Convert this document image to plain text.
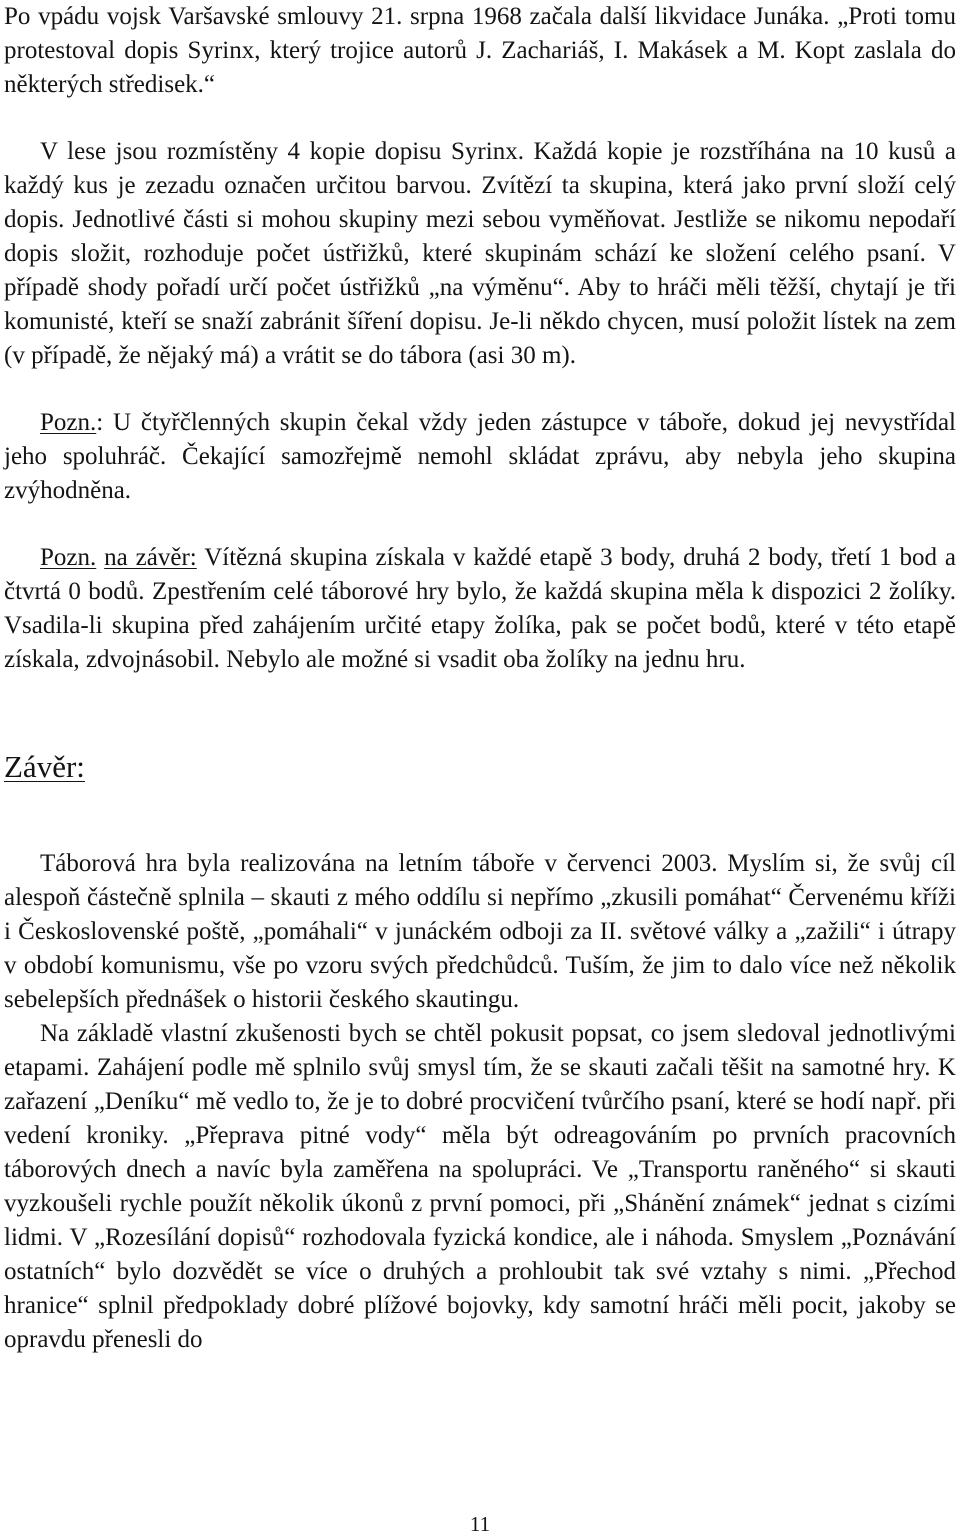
Po vpádu vojsk Varšavské smlouvy 21. srpna 1968 začala další likvidace Junáka. „Proti tomu protestoval dopis Syrinx, který trojice autorů J. Zachariáš, I. Makásek a M. Kopt zaslala do některých středisek.“

V lese jsou rozmístěny 4 kopie dopisu Syrinx. Každá kopie je rozstříhána na 10 kusů a každý kus je zezadu označen určitou barvou. Zvítězí ta skupina, která jako první složí celý dopis. Jednotlivé části si mohou skupiny mezi sebou vyměňovat. Jestliže se nikomu nepodaří dopis složit, rozhoduje počet ústřižků, které skupinám schází ke složení celého psaní. V případě shody pořadí určí počet ústřižků „na výměnu“. Aby to hráči měli těžší, chytají je tři komunisté, kteří se snaží zabránit šíření dopisu. Je-li někdo chycen, musí položit lístek na zem (v případě, že nějaký má) a vrátit se do tábora (asi 30 m).

Pozn.: U čtyřčlenných skupin čekal vždy jeden zástupce v táboře, dokud jej nevystřídal jeho spoluhráč. Čekající samozřejmě nemohl skládat zprávu, aby nebyla jeho skupina zvýhodněna.

Pozn. na závěr: Vítězná skupina získala v každé etapě 3 body, druhá 2 body, třetí 1 bod a čtvrtá 0 bodů. Zpestřením celé táborové hry bylo, že každá skupina měla k dispozici 2 žolíky. Vsadila-li skupina před zahájením určité etapy žolíka, pak se počet bodů, které v této etapě získala, zdvojnásobil. Nebylo ale možné si vsadit oba žolíky na jednu hru.

Závěr:

Táborová hra byla realizována na letním táboře v červenci 2003. Myslím si, že svůj cíl alespoň částečně splnila – skauti z mého oddílu si nepřímo „zkusili pomáhat“ Červenému kříži i Československé poště, „pomáhali“ v junáckém odboji za II. světové války a „zažili“ i útrapy v období komunismu, vše po vzoru svých předchůdců. Tuším, že jim to dalo více než několik sebelepších přednášek o historii českého skautingu.

Na základě vlastní zkušenosti bych se chtěl pokusit popsat, co jsem sledoval jednotlivými etapami. Zahájení podle mě splnilo svůj smysl tím, že se skauti začali těšit na samotné hry. K zařazení „Deníku“ mě vedlo to, že je to dobré procvičení tvůrčího psaní, které se hodí např. při vedení kroniky. „Přeprava pitné vody“ měla být odreagováním po prvních pracovních táborových dnech a navíc byla zaměřena na spolupráci. Ve „Transportu raněného“ si skauti vyzkoušeli rychle použít několik úkonů z první pomoci, při „Shánění známek“ jednat s cizími lidmi. V „Rozesílání dopisů“ rozhodovala fyzická kondice, ale i náhoda. Smyslem „Poznávání ostatních“ bylo dozvědět se více o druhých a prohloubit tak své vztahy s nimi. „Přechod hranice“ splnil předpoklady dobré plížové bojovky, kdy samotní hráči měli pocit, jakoby se opravdu přenesli do

11
